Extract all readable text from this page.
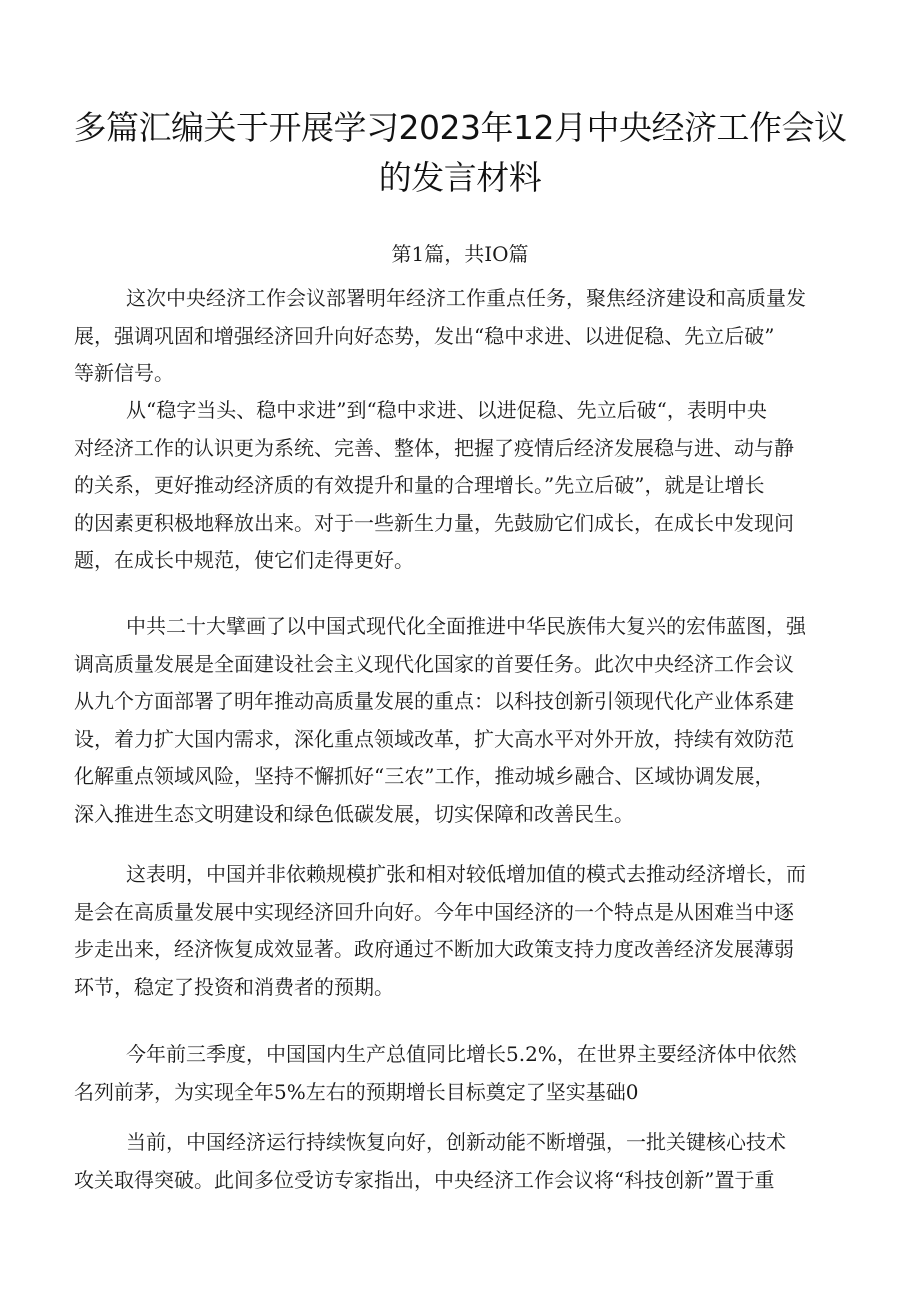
多篇汇编关于开展学习2023年12月中央经济工作会议
的发言材料
第1篇，共IO篇
这次中央经济工作会议部署明年经济工作重点任务，聚焦经济建设和高质量发
展，强调巩固和增强经济回升向好态势，发出“稳中求进、以进促稳、先立后破”
等新信号。
从“稳字当头、稳中求进”到“稳中求进、以进促稳、先立后破“，表明中央
对经济工作的认识更为系统、完善、整体，把握了疫情后经济发展稳与进、动与静
的关系，更好推动经济质的有效提升和量的合理增长。”先立后破”，就是让增长
的因素更积极地释放出来。对于一些新生力量，先鼓励它们成长，在成长中发现问
题，在成长中规范，使它们走得更好。
中共二十大擘画了以中国式现代化全面推进中华民族伟大复兴的宏伟蓝图，强
调高质量发展是全面建设社会主义现代化国家的首要任务。此次中央经济工作会议
从九个方面部署了明年推动高质量发展的重点：以科技创新引领现代化产业体系建
设，着力扩大国内需求，深化重点领域改革，扩大高水平对外开放，持续有效防范
化解重点领域风险，坚持不懈抓好“三农”工作，推动城乡融合、区域协调发展，
深入推进生态文明建设和绿色低碳发展，切实保障和改善民生。
这表明，中国并非依赖规模扩张和相对较低增加值的模式去推动经济增长，而
是会在高质量发展中实现经济回升向好。今年中国经济的一个特点是从困难当中逐
步走出来，经济恢复成效显著。政府通过不断加大政策支持力度改善经济发展薄弱
环节，稳定了投资和消费者的预期。
今年前三季度，中国国内生产总值同比增长5.2%，在世界主要经济体中依然
名列前茅，为实现全年5%左右的预期增长目标奠定了坚实基础0
当前，中国经济运行持续恢复向好，创新动能不断增强，一批关键核心技术
攻关取得突破。此间多位受访专家指出，中央经济工作会议将“科技创新”置于重
